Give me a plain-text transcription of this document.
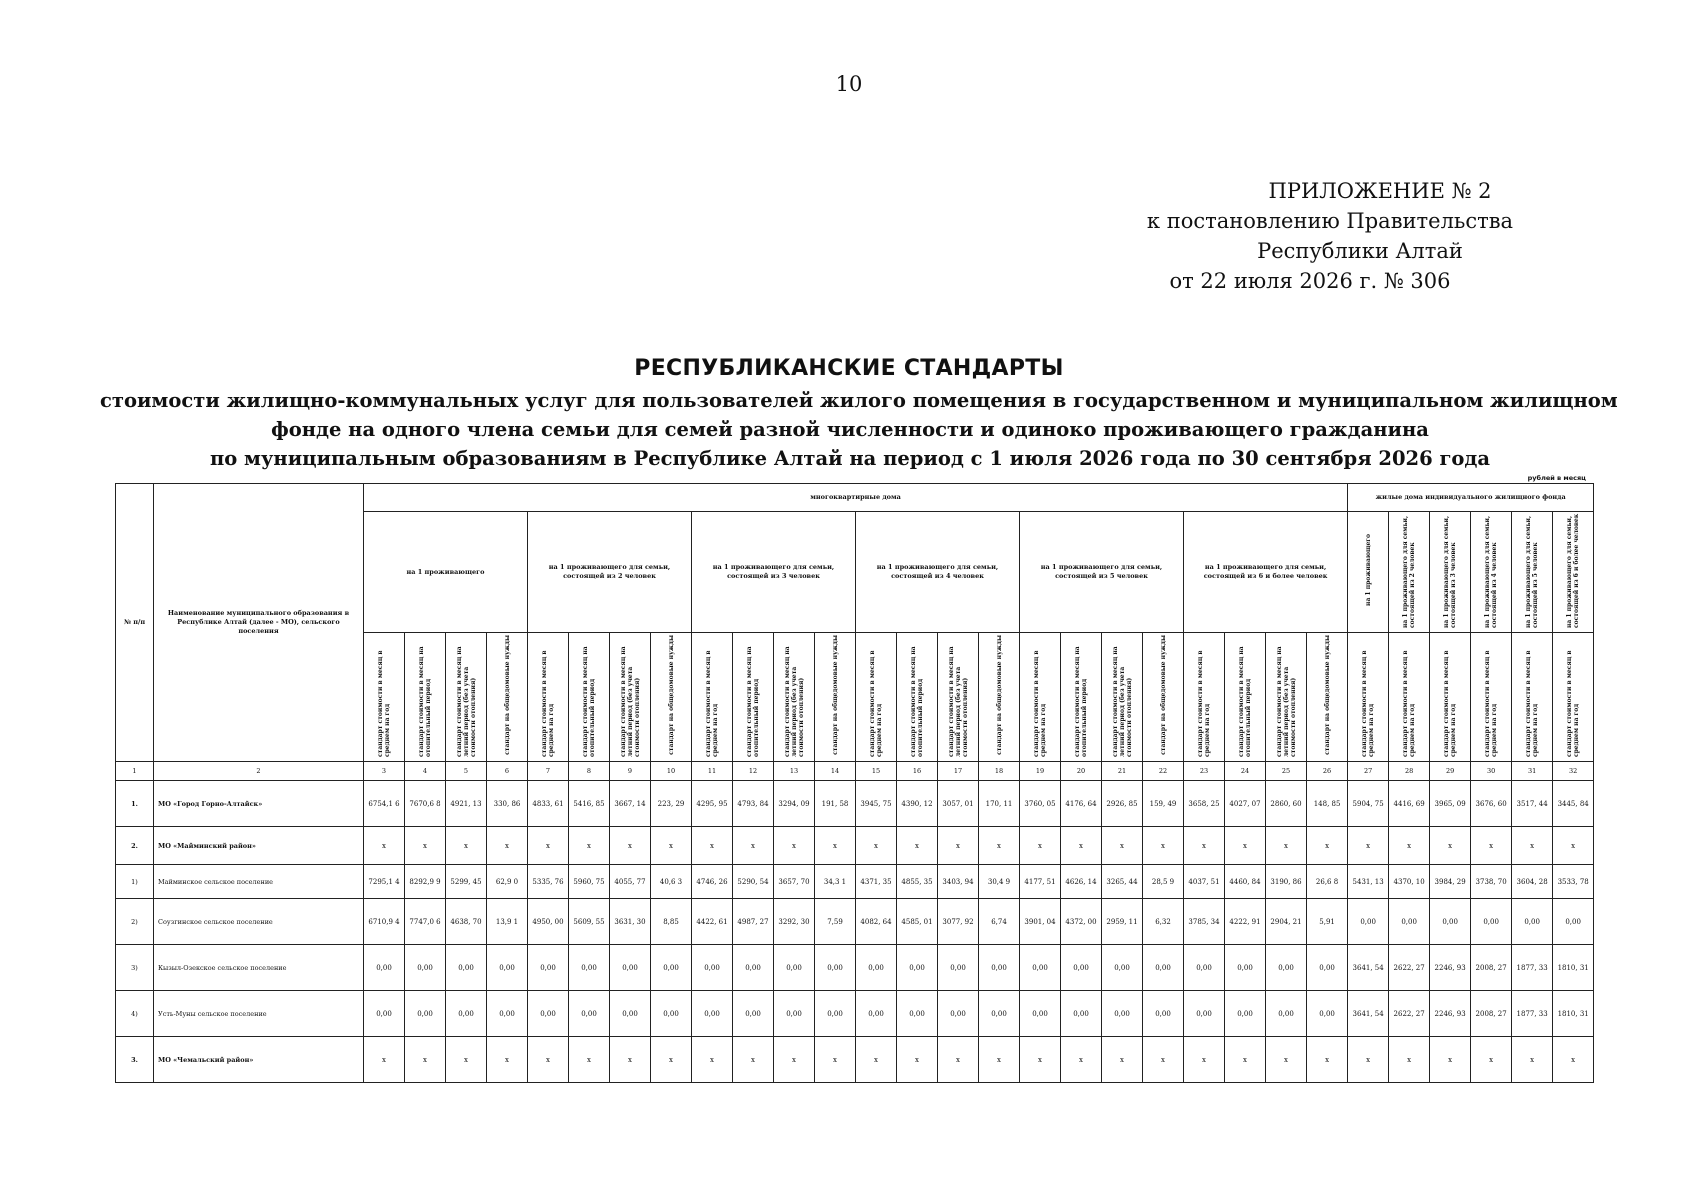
10
ПРИЛОЖЕНИЕ № 2
к постановлению Правительства
Республики Алтай
от 22 июля 2026 г. № 306
РЕСПУБЛИКАНСКИЕ СТАНДАРТЫ
стоимости жилищно-коммунальных услуг для пользователей жилого помещения в государственном и муниципальном жилищном
фонде на одного члена семьи для семей разной численности и одиноко проживающего гражданина
по муниципальным образованиям в Республике Алтай на период с 1 июля 2026 года по 30 сентября 2026 года
рублей в месяц
№ п/п	Наименование муниципального образования в Республике Алтай (далее - МО), сельского поселения	многоквартирные дома																								жилые дома индивидуального жилищного фонда					
		на 1 проживающего				на 1 проживающего для семьи, состоящей из 2 человек				на 1 проживающего для семьи, состоящей из 3 человек				на 1 проживающего для семьи, состоящей из 4 человек				на 1 проживающего для семьи, состоящей из 5 человек				на 1 проживающего для семьи, состоящей из 6 и более человек				на 1 проживающего	на 1 проживающего для семьи, состоящей из 2 человек	на 1 проживающего для семьи, состоящей из 3 человек	на 1 проживающего для семьи, состоящей из 4 человек	на 1 проживающего для семьи, состоящей из 5 человек	на 1 проживающего для семьи, состоящей из 6 и более человек
		стандарт стоимости в месяц в среднем на год	стандарт стоимости в месяц на отопительный период	стандарт стоимости в месяц на летний период (без учета стоимости отопления)	стандарт на общедомовые нужды	стандарт стоимости в месяц в среднем на год	стандарт стоимости в месяц на отопительный период	стандарт стоимости в месяц на летний период (без учета стоимости отопления)	стандарт на общедомовые нужды	стандарт стоимости в месяц в среднем на год	стандарт стоимости в месяц на отопительный период	стандарт стоимости в месяц на летний период (без учета стоимости отопления)	стандарт на общедомовые нужды	стандарт стоимости в месяц в среднем на год	стандарт стоимости в месяц на отопительный период	стандарт стоимости в месяц на летний период (без учета стоимости отопления)	стандарт на общедомовые нужды	стандарт стоимости в месяц в среднем на год	стандарт стоимости в месяц на отопительный период	стандарт стоимости в месяц на летний период (без учета стоимости отопления)	стандарт на общедомовые нужды	стандарт стоимости в месяц в среднем на год	стандарт стоимости в месяц на отопительный период	стандарт стоимости в месяц на летний период (без учета стоимости отопления)	стандарт на общедомовые нужды	стандарт стоимости в месяц в среднем на год	стандарт стоимости в месяц в среднем на год	стандарт стоимости в месяц в среднем на год	стандарт стоимости в месяц в среднем на год	стандарт стоимости в месяц в среднем на год	стандарт стоимости в месяц в среднем на год
1	2	3	4	5	6	7	8	9	10	11	12	13	14	15	16	17	18	19	20	21	22	23	24	25	26	27	28	29	30	31	32
1.	МО «Город Горно-Алтайск»	6754,1 6	7670,6 8	4921, 13	330, 86	4833, 61	5416, 85	3667, 14	223, 29	4295, 95	4793, 84	3294, 09	191, 58	3945, 75	4390, 12	3057, 01	170, 11	3760, 05	4176, 64	2926, 85	159, 49	3658, 25	4027, 07	2860, 60	148, 85	5904, 75	4416, 69	3965, 09	3676, 60	3517, 44	3445, 84
2.	МО «Майминский район»	х	х	х	х	х	х	х	х	х	х	х	х	х	х	х	х	х	х	х	х	х	х	х	х	х	х	х	х	х	х
1)	Майминское сельское поселение	7295,1 4	8292,9 9	5299, 45	62,9 0	5335, 76	5960, 75	4055, 77	40,6 3	4746, 26	5290, 54	3657, 70	34,3 1	4371, 35	4855, 35	3403, 94	30,4 9	4177, 51	4626, 14	3265, 44	28,5 9	4037, 51	4460, 84	3190, 86	26,6 8	5431, 13	4370, 10	3984, 29	3738, 70	3604, 28	3533, 78
2)	Соузгинское сельское поселение	6710,9 4	7747,0 6	4638, 70	13,9 1	4950, 00	5609, 55	3631, 30	8,85	4422, 61	4987, 27	3292, 30	7,59	4082, 64	4585, 01	3077, 92	6,74	3901, 04	4372, 00	2959, 11	6,32	3785, 34	4222, 91	2904, 21	5,91	0,00	0,00	0,00	0,00	0,00	0,00
3)	Кызыл-Озекское сельское поселение	0,00	0,00	0,00	0,00	0,00	0,00	0,00	0,00	0,00	0,00	0,00	0,00	0,00	0,00	0,00	0,00	0,00	0,00	0,00	0,00	0,00	0,00	0,00	0,00	3641, 54	2622, 27	2246, 93	2008, 27	1877, 33	1810, 31
4)	Усть-Муны сельское поселение	0,00	0,00	0,00	0,00	0,00	0,00	0,00	0,00	0,00	0,00	0,00	0,00	0,00	0,00	0,00	0,00	0,00	0,00	0,00	0,00	0,00	0,00	0,00	0,00	3641, 54	2622, 27	2246, 93	2008, 27	1877, 33	1810, 31
3.	МО «Чемальский район»	х	х	х	х	х	х	х	х	х	х	х	х	х	х	х	х	х	х	х	х	х	х	х	х	х	х	х	х	х	х
